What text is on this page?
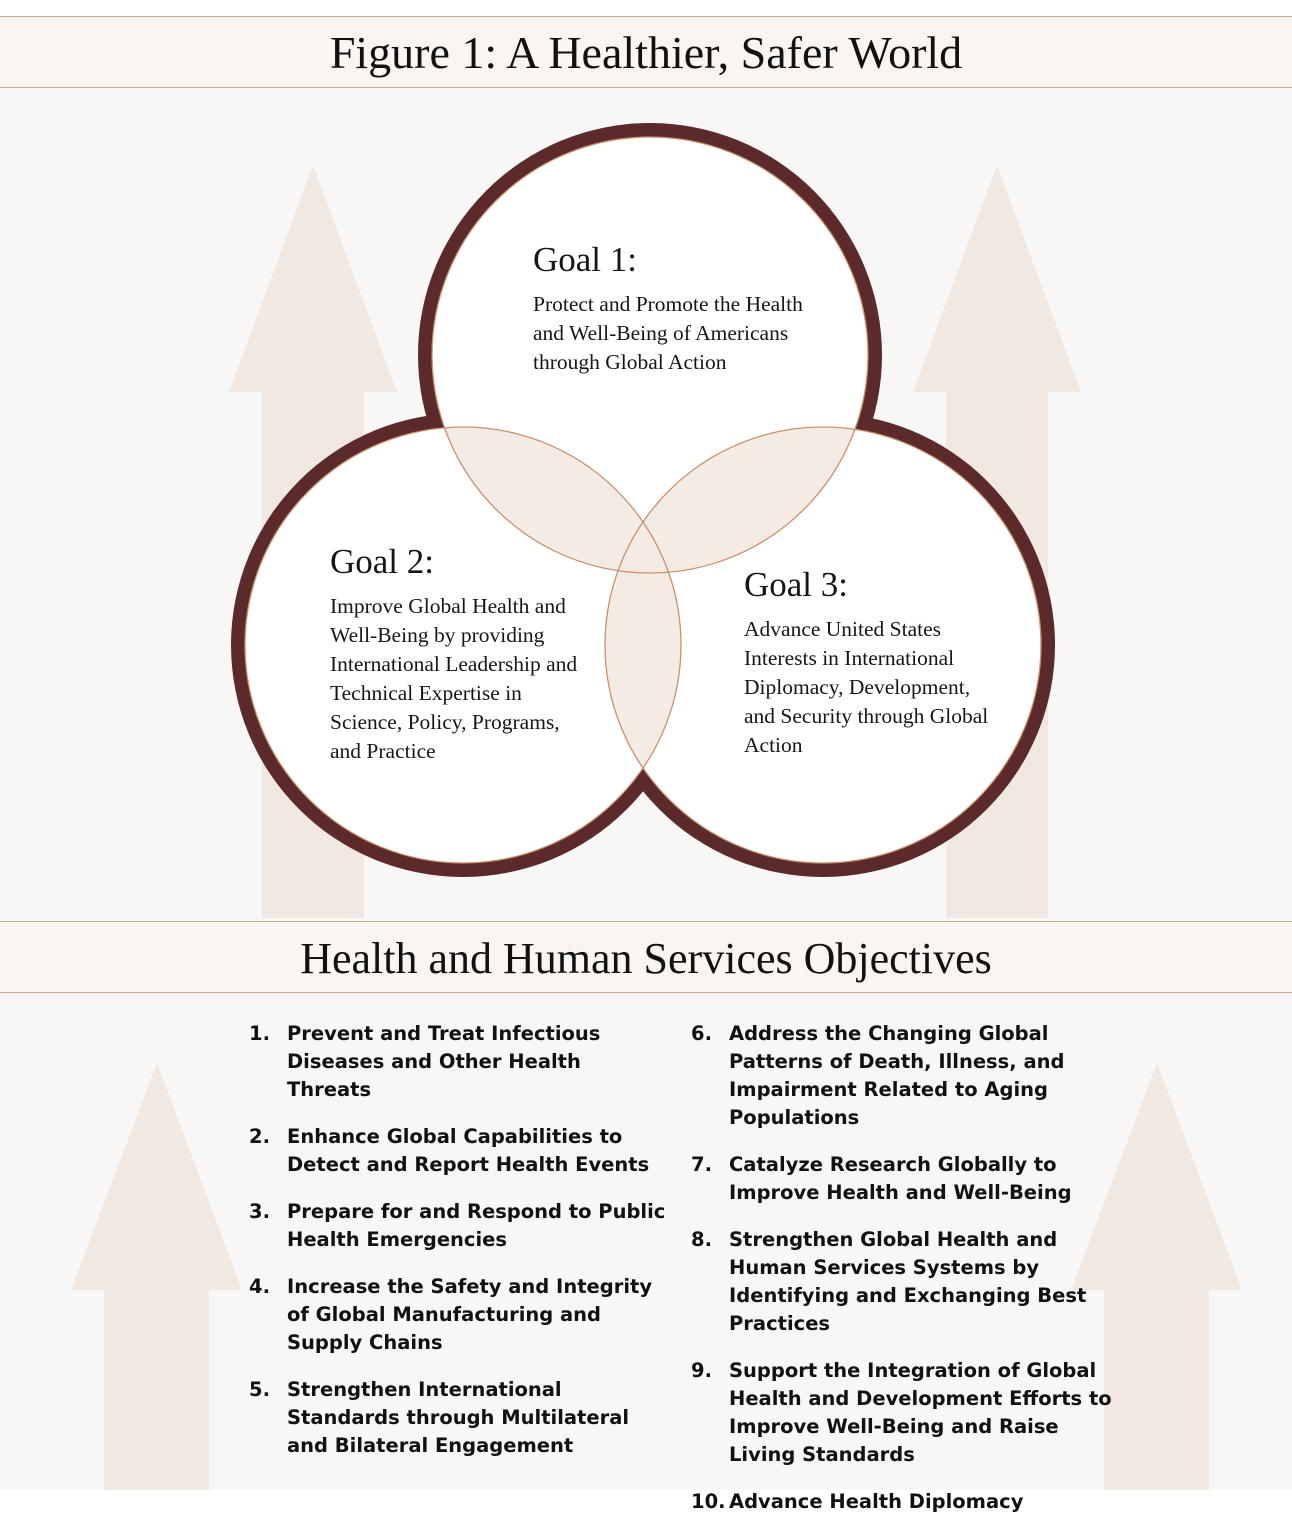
Figure 1: A Healthier, Safer World
Goal 1:
Protect and Promote the Health and Well-Being of Americans through Global Action
Goal 2:
Improve Global Health and Well-Being by providing International Leadership and Technical Expertise in Science, Policy, Programs, and Practice
Goal 3:
Advance United States Interests in International Diplomacy, Development, and Security through Global Action
Health and Human Services Objectives
1. Prevent and Treat Infectious Diseases and Other Health Threats
2. Enhance Global Capabilities to Detect and Report Health Events
3. Prepare for and Respond to Public Health Emergencies
4. Increase the Safety and Integrity of Global Manufacturing and Supply Chains
5. Strengthen International Standards through Multilateral and Bilateral Engagement
6. Address the Changing Global Patterns of Death, Illness, and Impairment Related to Aging Populations
7. Catalyze Research Globally to Improve Health and Well-Being
8. Strengthen Global Health and Human Services Systems by Identifying and Exchanging Best Practices
9. Support the Integration of Global Health and Development Efforts to Improve Well-Being and Raise Living Standards
10. Advance Health Diplomacy
